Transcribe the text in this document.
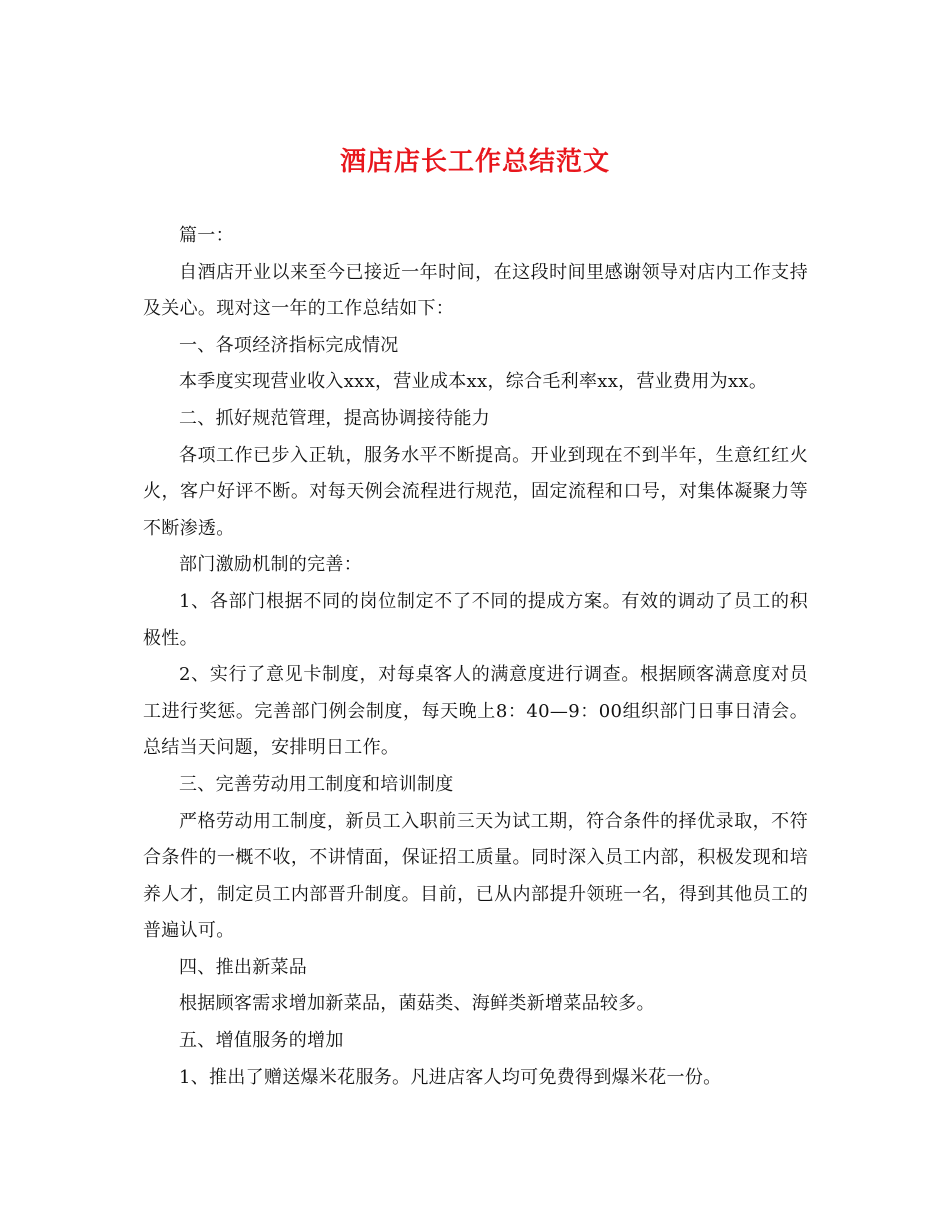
酒店店长工作总结范文

篇一：

自酒店开业以来至今已接近一年时间，在这段时间里感谢领导对店内工作支持及关心。现对这一年的工作总结如下：

一、各项经济指标完成情况

本季度实现营业收入xxx，营业成本xx，综合毛利率xx，营业费用为xx。

二、抓好规范管理，提高协调接待能力

各项工作已步入正轨，服务水平不断提高。开业到现在不到半年，生意红红火火，客户好评不断。对每天例会流程进行规范，固定流程和口号，对集体凝聚力等不断渗透。

部门激励机制的完善：

1、各部门根据不同的岗位制定不了不同的提成方案。有效的调动了员工的积极性。

2、实行了意见卡制度，对每桌客人的满意度进行调查。根据顾客满意度对员工进行奖惩。完善部门例会制度，每天晚上8：40—9：00组织部门日事日清会。总结当天问题，安排明日工作。

三、完善劳动用工制度和培训制度

严格劳动用工制度，新员工入职前三天为试工期，符合条件的择优录取，不符合条件的一概不收，不讲情面，保证招工质量。同时深入员工内部，积极发现和培养人才，制定员工内部晋升制度。目前，已从内部提升领班一名，得到其他员工的普遍认可。

四、推出新菜品

根据顾客需求增加新菜品，菌菇类、海鲜类新增菜品较多。

五、增值服务的增加

1、推出了赠送爆米花服务。凡进店客人均可免费得到爆米花一份。
